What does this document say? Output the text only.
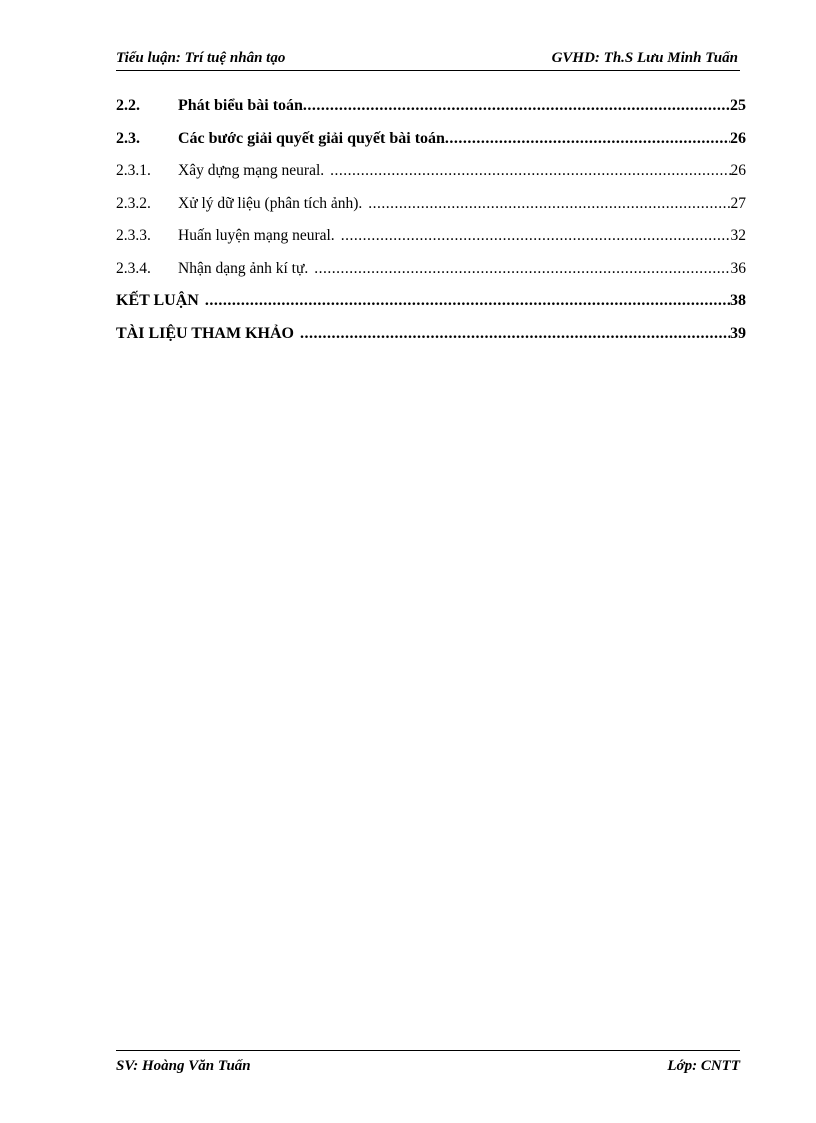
Tiểu luận: Trí tuệ nhân tạo	GVHD: Th.S Lưu Minh Tuấn
2.2.	Phát biểu bài toán .....	25
2.3.	Các bước giải quyết giải quyết bài toán .....	26
2.3.1.	Xây dựng mạng neural. .....	26
2.3.2.	Xử lý dữ liệu (phân tích ảnh). .....	27
2.3.3.	Huấn luyện mạng neural. .....	32
2.3.4.	Nhận dạng ảnh kí tự. .....	36
KẾT LUẬN .....	38
TÀI LIỆU THAM KHẢO .....	39
SV: Hoàng Văn Tuấn	Lớp: CNTT
